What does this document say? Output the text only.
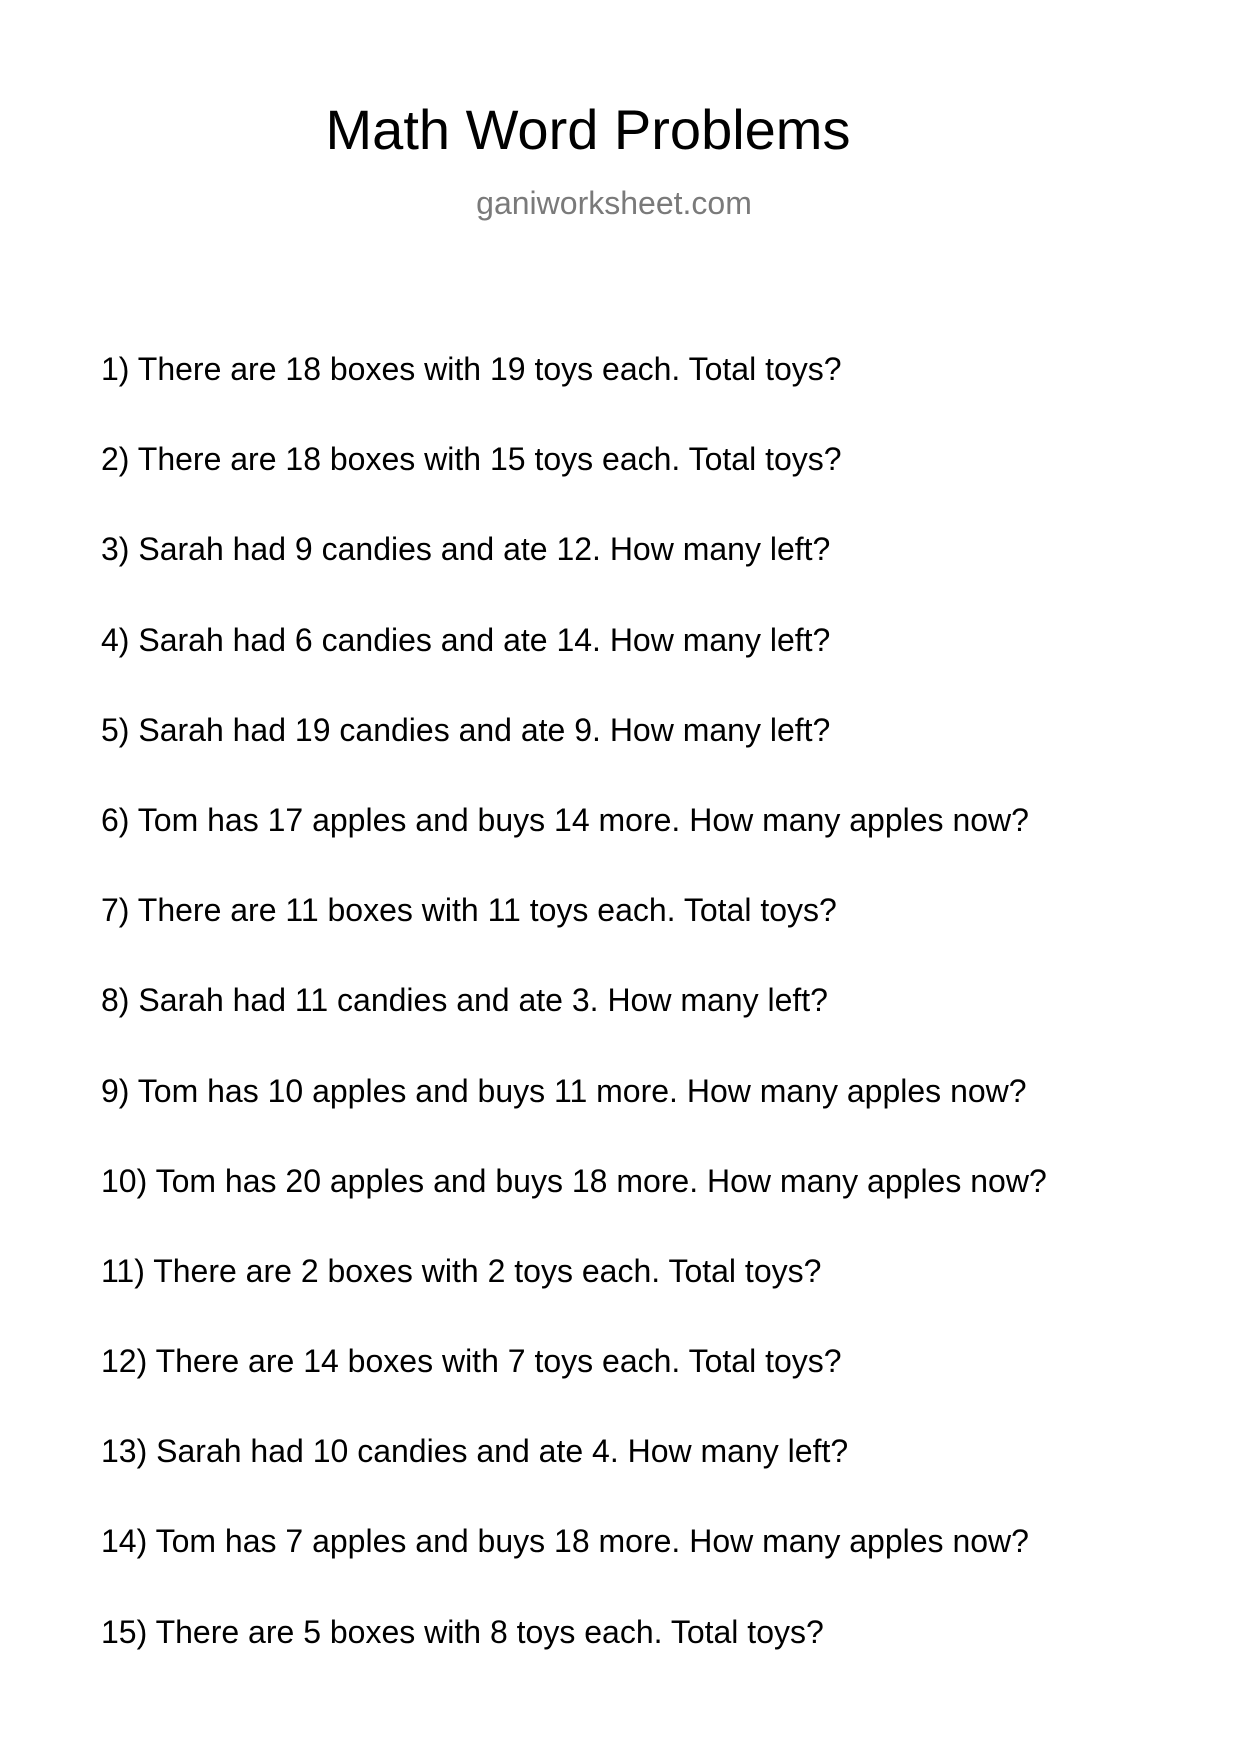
Math Word Problems
ganiworksheet.com
1) There are 18 boxes with 19 toys each. Total toys?
2) There are 18 boxes with 15 toys each. Total toys?
3) Sarah had 9 candies and ate 12. How many left?
4) Sarah had 6 candies and ate 14. How many left?
5) Sarah had 19 candies and ate 9. How many left?
6) Tom has 17 apples and buys 14 more. How many apples now?
7) There are 11 boxes with 11 toys each. Total toys?
8) Sarah had 11 candies and ate 3. How many left?
9) Tom has 10 apples and buys 11 more. How many apples now?
10) Tom has 20 apples and buys 18 more. How many apples now?
11) There are 2 boxes with 2 toys each. Total toys?
12) There are 14 boxes with 7 toys each. Total toys?
13) Sarah had 10 candies and ate 4. How many left?
14) Tom has 7 apples and buys 18 more. How many apples now?
15) There are 5 boxes with 8 toys each. Total toys?
